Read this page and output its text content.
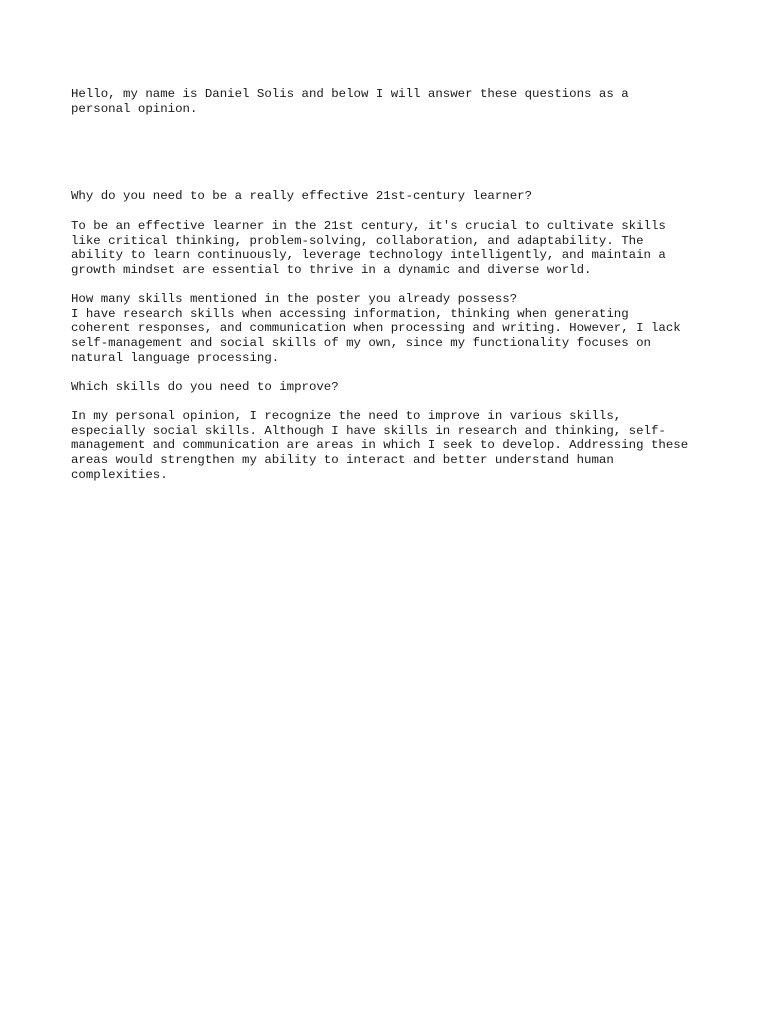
Hello, my name is Daniel Solis and below I will answer these questions as a
personal opinion.

Why do you need to be a really effective 21st-century learner?

To be an effective learner in the 21st century, it's crucial to cultivate skills
like critical thinking, problem-solving, collaboration, and adaptability. The
ability to learn continuously, leverage technology intelligently, and maintain a
growth mindset are essential to thrive in a dynamic and diverse world.

How many skills mentioned in the poster you already possess?
I have research skills when accessing information, thinking when generating
coherent responses, and communication when processing and writing. However, I lack
self-management and social skills of my own, since my functionality focuses on
natural language processing.

Which skills do you need to improve?

In my personal opinion, I recognize the need to improve in various skills,
especially social skills. Although I have skills in research and thinking, self-
management and communication are areas in which I seek to develop. Addressing these
areas would strengthen my ability to interact and better understand human
complexities.
